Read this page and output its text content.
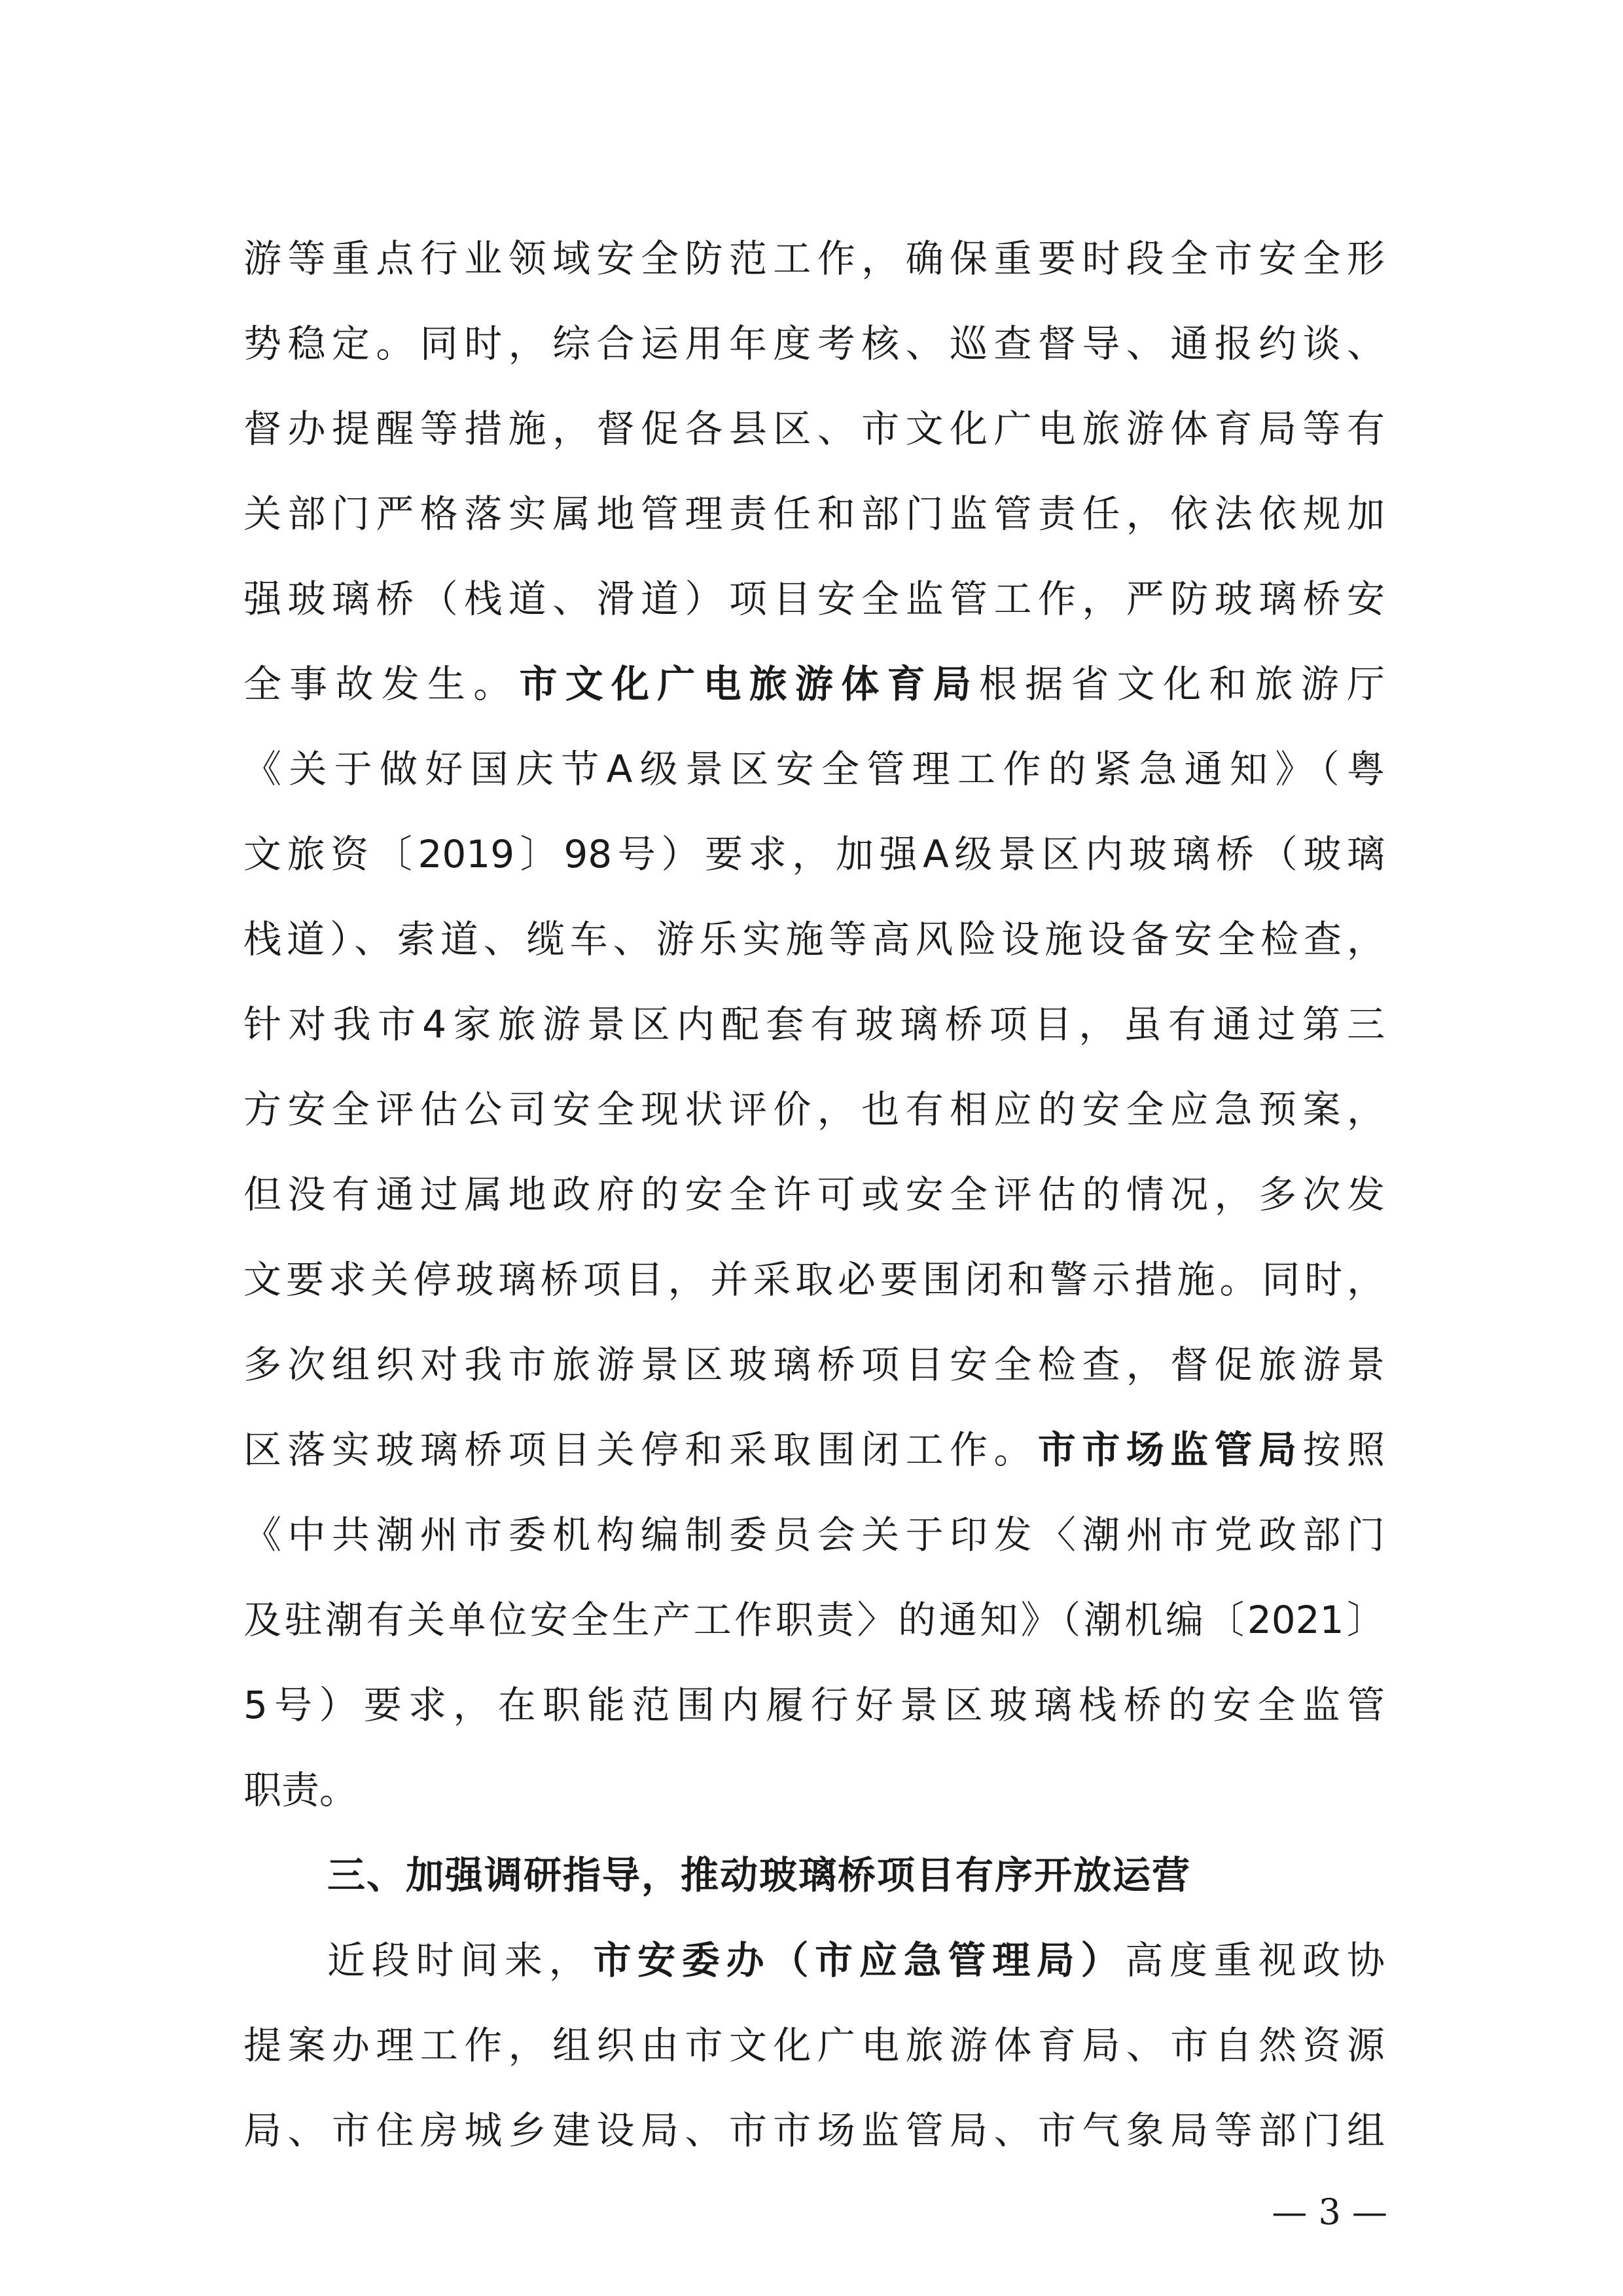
游等重点行业领域安全防范工作，确保重要时段全市安全形
势稳定。同时，综合运用年度考核、巡查督导、通报约谈、
督办提醒等措施，督促各县区、市文化广电旅游体育局等有
关部门严格落实属地管理责任和部门监管责任，依法依规加
强玻璃桥（栈道、滑道）项目安全监管工作，严防玻璃桥安
全事故发生。市文化广电旅游体育局根据省文化和旅游厅
《关于做好国庆节A级景区安全管理工作的紧急通知》（粤
文旅资〔2019〕98号）要求，加强A级景区内玻璃桥（玻璃
栈道）、索道、缆车、游乐实施等高风险设施设备安全检查，
针对我市4家旅游景区内配套有玻璃桥项目，虽有通过第三
方安全评估公司安全现状评价，也有相应的安全应急预案，
但没有通过属地政府的安全许可或安全评估的情况，多次发
文要求关停玻璃桥项目，并采取必要围闭和警示措施。同时，
多次组织对我市旅游景区玻璃桥项目安全检查，督促旅游景
区落实玻璃桥项目关停和采取围闭工作。市市场监管局按照
《中共潮州市委机构编制委员会关于印发〈潮州市党政部门
及驻潮有关单位安全生产工作职责〉的通知》（潮机编〔2021〕
5号）要求，在职能范围内履行好景区玻璃栈桥的安全监管
职责。
三、加强调研指导，推动玻璃桥项目有序开放运营
近段时间来，市安委办（市应急管理局）高度重视政协
提案办理工作，组织由市文化广电旅游体育局、市自然资源
局、市住房城乡建设局、市市场监管局、市气象局等部门组
— 3 —
